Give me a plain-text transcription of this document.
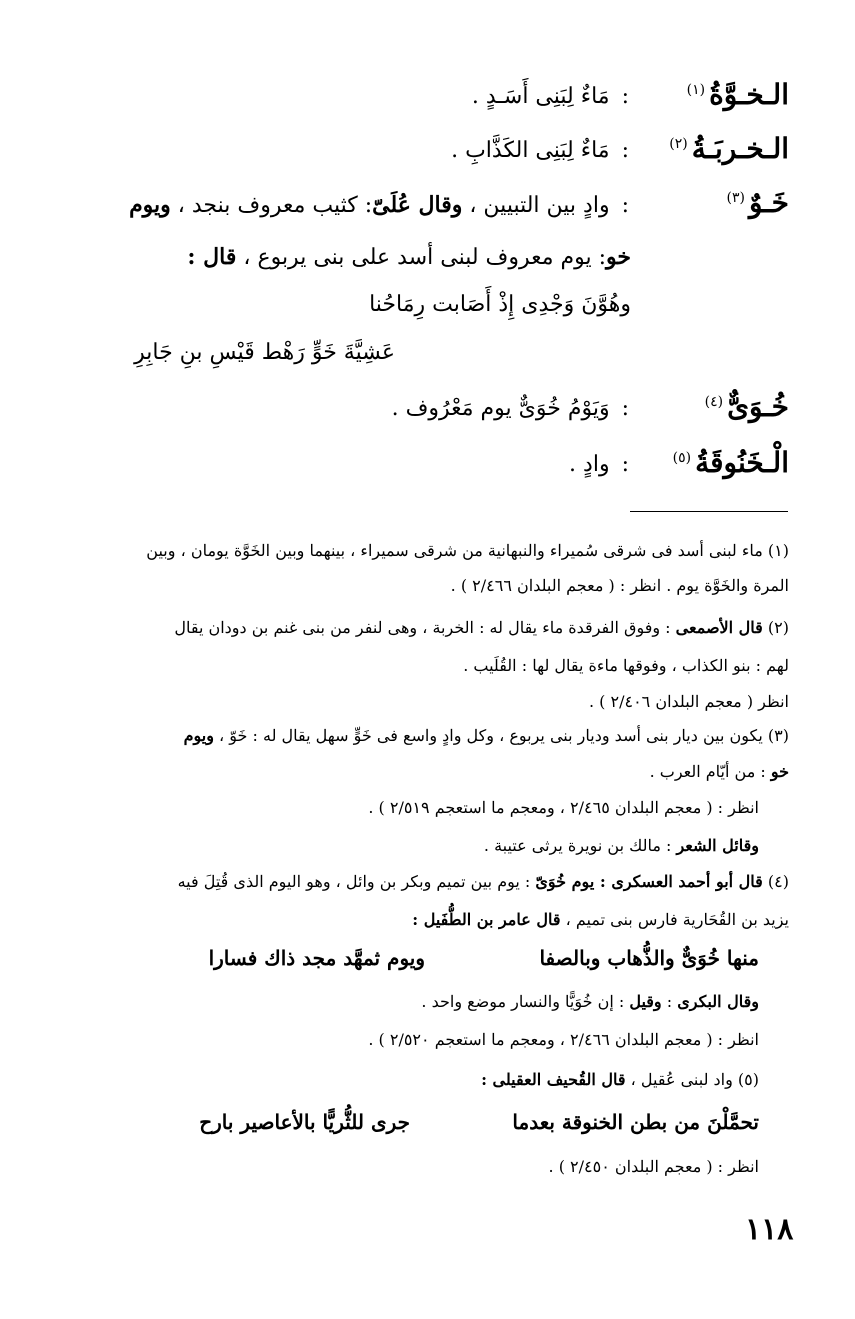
الـخـوَّةُ$^{(١)}$
:مَاءٌ لِبَنِى أَسَـدٍ .
الـخـربَـةُ$^{(٢)}$
:مَاءٌ لِبَنِى الكَذَّابِ .
خَـوٌ$^{(٣)}$
:وادٍ بين التبيين ، وقال عُلَىّ: كثيب معروف بنجد ، ويوم
خو: يوم معروف لبنى أسد على بنى يربوع ، قال :
وهُوَّنَ وَجْدِى إِذْ أَصَابت رِمَاحُنا
عَشِيَّةَ خَوٍّ رَهْط قَيْسِ بنِ جَابِرِ
خُـوَىٌّ$^{(٤)}$
:وَيَوْمُ خُوَىٌّ يوم مَعْرُوف .
الْـخَنُوقَةُ$^{(٥)}$
:وادٍ .
(١) ماء لبنى أسد فى شرقى سُميراء والنبهانية من شرقى سميراء ، بينهما وبين الخَوَّة يومان ، وبين
المرة والخَوَّة يوم . انظر : ( معجم البلدان ٢/٤٦٦ ) .
(٢) قال الأصمعى : وفوق الفرقدة ماء يقال له : الخربة ، وهى لنفر من بنى غنم بن دودان يقال
لهم : بنو الكذاب ، وفوقها ماءة يقال لها : القُلَيب .
انظر ( معجم البلدان ٢/٤٠٦ ) .
(٣) يكون بين ديار بنى أسد وديار بنى يربوع ، وكل وادٍ واسع فى خَوٍّ سهل يقال له : خَوّ ، ويوم
خو : من أيّام العرب .
انظر : ( معجم البلدان ٢/٤٦٥ ، ومعجم ما استعجم ٢/٥١٩ ) .
وقائل الشعر : مالك بن نويرة يرثى عتيبة .
(٤) قال أبو أحمد العسكرى : يوم خُوَىّ : يوم بين تميم وبكر بن وائل ، وهو اليوم الذى قُتِلَ فيه
يزيد بن القُحَارية فارس بنى تميم ، قال عامر بن الطُّفَيل :
منها خُوَىٌّ والذُّهاب وبالصفا
ويوم ثمهَّد مجد ذاك فسارا
وقال البكرى : وقيل : إن خُوَيًّا والنسار موضع واحد .
انظر : ( معجم البلدان ٢/٤٦٦ ، ومعجم ما استعجم ٢/٥٢٠ ) .
(٥) واد لبنى عُقيل ، قال القُحيف العقيلى :
تحمَّلْنَ من بطن الخنوقة بعدما
جرى للثُّريًّا بالأعاصير بارح
انظر : ( معجم البلدان ٢/٤٥٠ ) .
١١٨
